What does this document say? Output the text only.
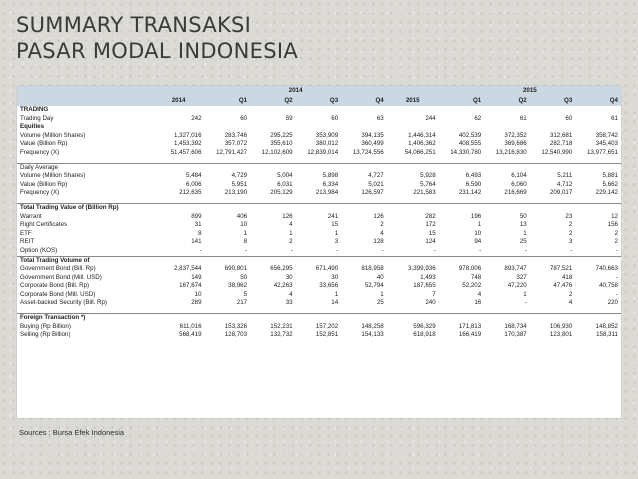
SUMMARY TRANSAKSI
PASAR MODAL INDONESIA
		2014					2015			
	2014	Q1	Q2	Q3	Q4	2015	Q1	Q2	Q3	Q4
TRADING										
Trading Day	242	60	59	60	63	244	62	61	60	61
Equities										
Volume (Million Shares)	1,327,016	283,746	295,225	353,909	394,135	1,446,314	402,539	372,352	312,681	358,742
Value (Billion Rp)	1,453,392	357,072	355,610	380,012	360,499	1,406,362	408,555	369,686	282,718	345,403
Frequency (X)	51,457,606	12,791,427	12,102,609	12,839,014	13,724,556	54,066,251	14,330,780	13,216,830	12,540,990	13,977,651

Daily Average										
Volume (Million Shares)	5,484	4,729	5,004	5,898	4,727	5,928	6,493	6,104	5,211	5,881
Value (Billion Rp)	6,006	5,951	6,031	6,334	5,021	5,764	6,590	6,060	4,712	5,662
Frequency (X)	212,635	213,190	205,129	213,984	126,597	221,583	231,142	216,669	209,017	229,142

Total Trading Value of (Billion Rp)										
Warrant	899	406	126	241	126	282	196	50	23	12
Right Certificates	31	10	4	15	2	172	1	13	2	156
ETF	8	1	1	1	4	15	10	1	2	2
REIT	141	8	2	3	128	124	94	25	3	2
Option (KOS)	-	-	-	-	-	-	-	-	-	-
Total Trading Volume of										
Government Bond (Bill. Rp)	2,837,544	690,801	656,295	671,490	818,958	3,399,936	978,006	893,747	787,521	740,663
Government Bond (Mill. USD)	149	50	30	30	40	1,493	748	327	418	-
Corporate Bond (Bill. Rp)	167,674	38,962	42,263	33,656	52,794	187,655	52,202	47,220	47,476	40,758
Corporate Bond (Mill. USD)	10	5	4	1	1	7	4	1	2	-
Asset-backed Security (Bill. Rp)	289	217	33	14	25	240	16	-	4	220

Foreign Transaction *)										
Buying (Rp Billion)	611,016	153,326	152,231	157,202	148,258	596,329	171,813	168,734	106,930	148,852
Selling (Rp Billion)	568,419	128,703	132,732	152,851	154,133	618,918	166,419	170,387	123,801	158,311
Sources : Bursa Efek Indonesia
